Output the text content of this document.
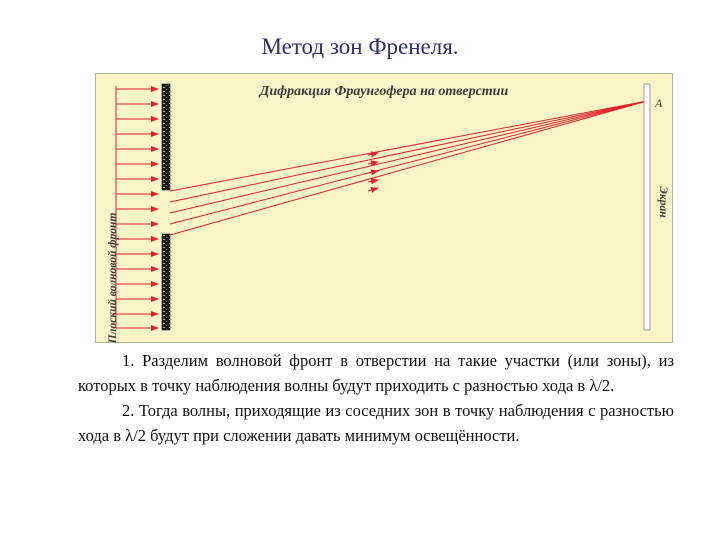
Метод зон Френеля.
Дифракция Фраунгофера на отверстии
Плоский волновой фронт
Экран
А

1. Разделим волновой фронт в отверстии на такие участки (или зоны), из которых в точку наблюдения волны будут приходить с разностью хода в λ/2.

2. Тогда волны, приходящие из соседних зон в точку наблюдения с разностью хода в λ/2 будут при сложении давать минимум освещённости.
